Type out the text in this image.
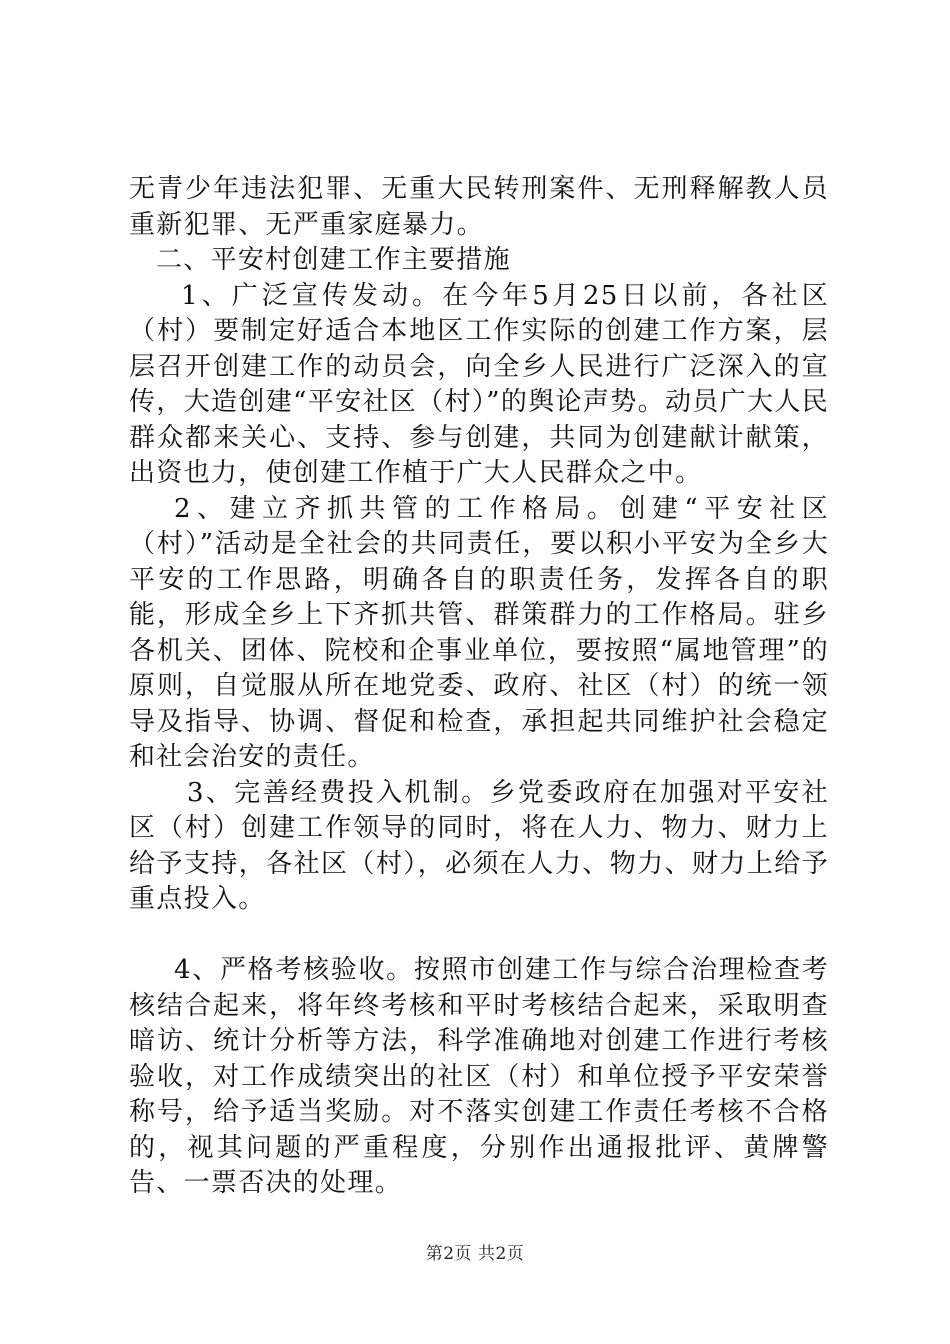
无青少年违法犯罪、无重大民转刑案件、无刑释解教人员重新犯罪、无严重家庭暴力。

二、平安村创建工作主要措施

1、广泛宣传发动。在今年5月25日以前，各社区（村）要制定好适合本地区工作实际的创建工作方案，层层召开创建工作的动员会，向全乡人民进行广泛深入的宣传，大造创建“平安社区（村）”的舆论声势。动员广大人民群众都来关心、支持、参与创建，共同为创建献计献策，出资也力，使创建工作植于广大人民群众之中。

2、建立齐抓共管的工作格局。创建“平安社区（村）”活动是全社会的共同责任，要以积小平安为全乡大平安的工作思路，明确各自的职责任务，发挥各自的职能，形成全乡上下齐抓共管、群策群力的工作格局。驻乡各机关、团体、院校和企事业单位，要按照“属地管理”的原则，自觉服从所在地党委、政府、社区（村）的统一领导及指导、协调、督促和检查，承担起共同维护社会稳定和社会治安的责任。

3、完善经费投入机制。乡党委政府在加强对平安社区（村）创建工作领导的同时，将在人力、物力、财力上给予支持，各社区（村），必须在人力、物力、财力上给予重点投入。

4、严格考核验收。按照市创建工作与综合治理检查考核结合起来，将年终考核和平时考核结合起来，采取明查暗访、统计分析等方法，科学准确地对创建工作进行考核验收，对工作成绩突出的社区（村）和单位授予平安荣誉称号，给予适当奖励。对不落实创建工作责任考核不合格的，视其问题的严重程度，分别作出通报批评、黄牌警告、一票否决的处理。

第2页 共2页
